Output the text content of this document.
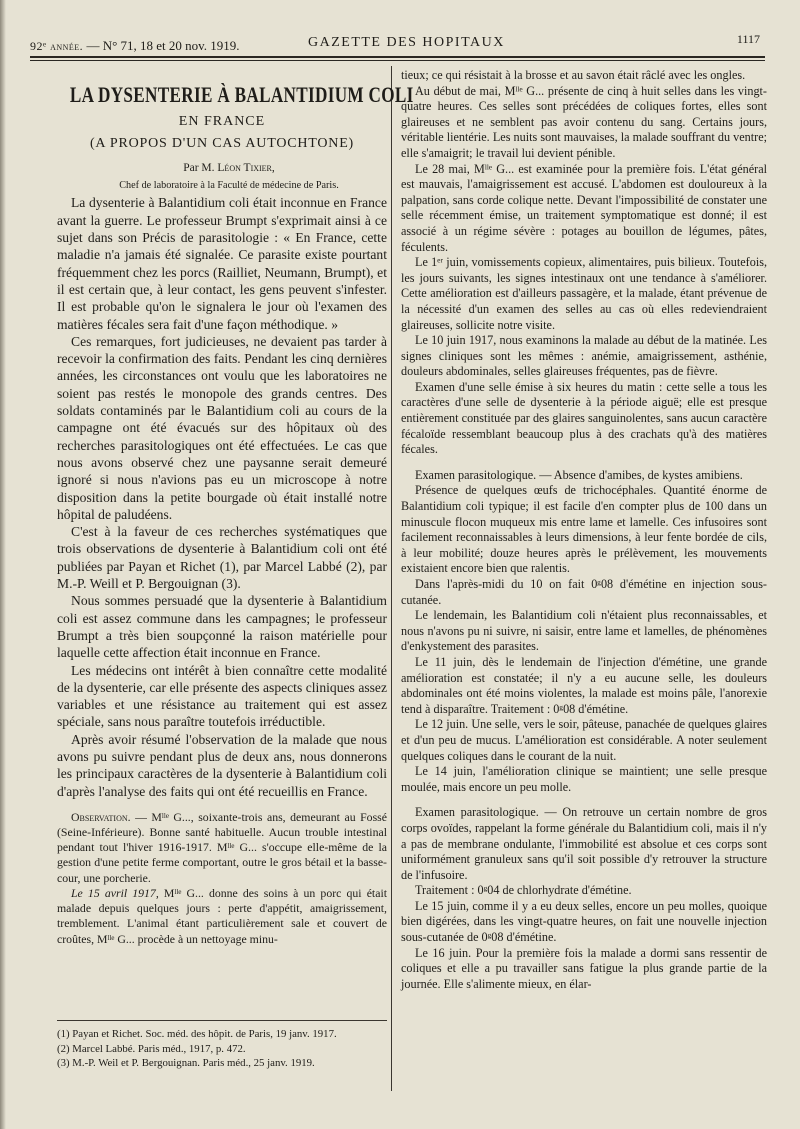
92ᵉ année. — N° 71, 18 et 20 nov. 1919.	GAZETTE DES HOPITAUX	1117
LA DYSENTERIE À BALANTIDIUM COLI
EN FRANCE
(A PROPOS D'UN CAS AUTOCHTONE)

Par M. Léon Tixier,

Chef de laboratoire à la Faculté de médecine de Paris.

La dysenterie à Balantidium coli était inconnue en France avant la guerre. Le professeur Brumpt s'exprimait ainsi à ce sujet dans son Précis de parasitologie : « En France, cette maladie n'a jamais été signalée. Ce parasite existe pourtant fréquemment chez les porcs (Railliet, Neumann, Brumpt), et il est certain que, à leur contact, les gens peuvent s'infester. Il est probable qu'on le signalera le jour où l'examen des matières fécales sera fait d'une façon méthodique. »

Ces remarques, fort judicieuses, ne devaient pas tarder à recevoir la confirmation des faits. Pendant les cinq dernières années, les circonstances ont voulu que les laboratoires ne soient pas restés le monopole des grands centres. Des soldats contaminés par le Balantidium coli au cours de la campagne ont été évacués sur des hôpitaux où des recherches parasitologiques ont été effectuées. Le cas que nous avons observé chez une paysanne serait demeuré ignoré si nous n'avions pas eu un microscope à notre disposition dans la petite bourgade où était installé notre hôpital de paludéens.

C'est à la faveur de ces recherches systématiques que trois observations de dysenterie à Balantidium coli ont été publiées par Payan et Richet (1), par Marcel Labbé (2), par M.-P. Weill et P. Bergouignan (3).

Nous sommes persuadé que la dysenterie à Balantidium coli est assez commune dans les campagnes; le professeur Brumpt a très bien soupçonné la raison matérielle pour laquelle cette affection était inconnue en France.

Les médecins ont intérêt à bien connaître cette modalité de la dysenterie, car elle présente des aspects cliniques assez variables et une résistance au traitement qui est assez spéciale, sans nous paraître toutefois irréductible.

Après avoir résumé l'observation de la malade que nous avons pu suivre pendant plus de deux ans, nous donnerons les principaux caractères de la dysenterie à Balantidium coli d'après l'analyse des faits qui ont été recueillis en France.

Observation. — Mˡˡᵉ G..., soixante-trois ans, demeurant au Fossé (Seine-Inférieure). Bonne santé habituelle. Aucun trouble intestinal pendant tout l'hiver 1916-1917. Mˡˡᵉ G... s'occupe elle-même de la gestion d'une petite ferme comportant, outre le gros bétail et la basse-cour, une porcherie.

Le 15 avril 1917, Mˡˡᵉ G... donne des soins à un porc qui était malade depuis quelques jours : perte d'appétit, amaigrissement, tremblement. L'animal étant particulièrement sale et couvert de croûtes, Mˡˡᵉ G... procède à un nettoyage minu-

(1) Payan et Richet. Soc. méd. des hôpit. de Paris, 19 janv. 1917.

(2) Marcel Labbé. Paris méd., 1917, p. 472.

(3) M.-P. Weil et P. Bergouignan. Paris méd., 25 janv. 1919.

tieux; ce qui résistait à la brosse et au savon était râclé avec les ongles.

Au début de mai, Mˡˡᵉ G... présente de cinq à huit selles dans les vingt-quatre heures. Ces selles sont précédées de coliques fortes, elles sont glaireuses et ne semblent pas avoir contenu du sang. Certains jours, véritable lientérie. Les nuits sont mauvaises, la malade souffrant du ventre; elle s'amaigrit; le travail lui devient pénible.

Le 28 mai, Mˡˡᵉ G... est examinée pour la première fois. L'état général est mauvais, l'amaigrissement est accusé. L'abdomen est douloureux à la palpation, sans corde colique nette. Devant l'impossibilité de constater une selle récemment émise, un traitement symptomatique est donné; il est associé à un régime sévère : potages au bouillon de légumes, pâtes, féculents.

Le 1ᵉʳ juin, vomissements copieux, alimentaires, puis bilieux. Toutefois, les jours suivants, les signes intestinaux ont une tendance à s'améliorer. Cette amélioration est d'ailleurs passagère, et la malade, étant prévenue de la nécessité d'un examen des selles au cas où elles redeviendraient glaireuses, sollicite notre visite.

Le 10 juin 1917, nous examinons la malade au début de la matinée. Les signes cliniques sont les mêmes : anémie, amaigrissement, asthénie, douleurs abdominales, selles glaireuses fréquentes, pas de fièvre.

Examen d'une selle émise à six heures du matin : cette selle a tous les caractères d'une selle de dysenterie à la période aiguë; elle est presque entièrement constituée par des glaires sanguinolentes, sans aucun caractère fécaloïde ressemblant beaucoup plus à des crachats qu'à des matières fécales.

Examen parasitologique. — Absence d'amibes, de kystes amibiens.

Présence de quelques œufs de trichocéphales. Quantité énorme de Balantidium coli typique; il est facile d'en compter plus de 100 dans un minuscule flocon muqueux mis entre lame et lamelle. Ces infusoires sont facilement reconnaissables à leurs dimensions, à leur fente bordée de cils, à leur mobilité; douze heures après le prélèvement, les mouvements existaient encore bien que ralentis.

Dans l'après-midi du 10 on fait 0ᵍ08 d'émétine en injection sous-cutanée.

Le lendemain, les Balantidium coli n'étaient plus reconnaissables, et nous n'avons pu ni suivre, ni saisir, entre lame et lamelles, de phénomènes d'enkystement des parasites.

Le 11 juin, dès le lendemain de l'injection d'émétine, une grande amélioration est constatée; il n'y a eu aucune selle, les douleurs abdominales ont été moins violentes, la malade est moins pâle, l'anorexie tend à disparaître. Traitement : 0ᵍ08 d'émétine.

Le 12 juin. Une selle, vers le soir, pâteuse, panachée de quelques glaires et d'un peu de mucus. L'amélioration est considérable. A noter seulement quelques coliques dans le courant de la nuit.

Le 14 juin, l'amélioration clinique se maintient; une selle presque moulée, mais encore un peu molle.

Examen parasitologique. — On retrouve un certain nombre de gros corps ovoïdes, rappelant la forme générale du Balantidium coli, mais il n'y a pas de membrane ondulante, l'immobilité est absolue et ces corps sont uniformément granuleux sans qu'il soit possible d'y retrouver la structure de l'infusoire.

Traitement : 0ᵍ04 de chlorhydrate d'émétine.

Le 15 juin, comme il y a eu deux selles, encore un peu molles, quoique bien digérées, dans les vingt-quatre heures, on fait une nouvelle injection sous-cutanée de 0ᵍ08 d'émétine.

Le 16 juin. Pour la première fois la malade a dormi sans ressentir de coliques et elle a pu travailler sans fatigue la plus grande partie de la journée. Elle s'alimente mieux, en élar-
